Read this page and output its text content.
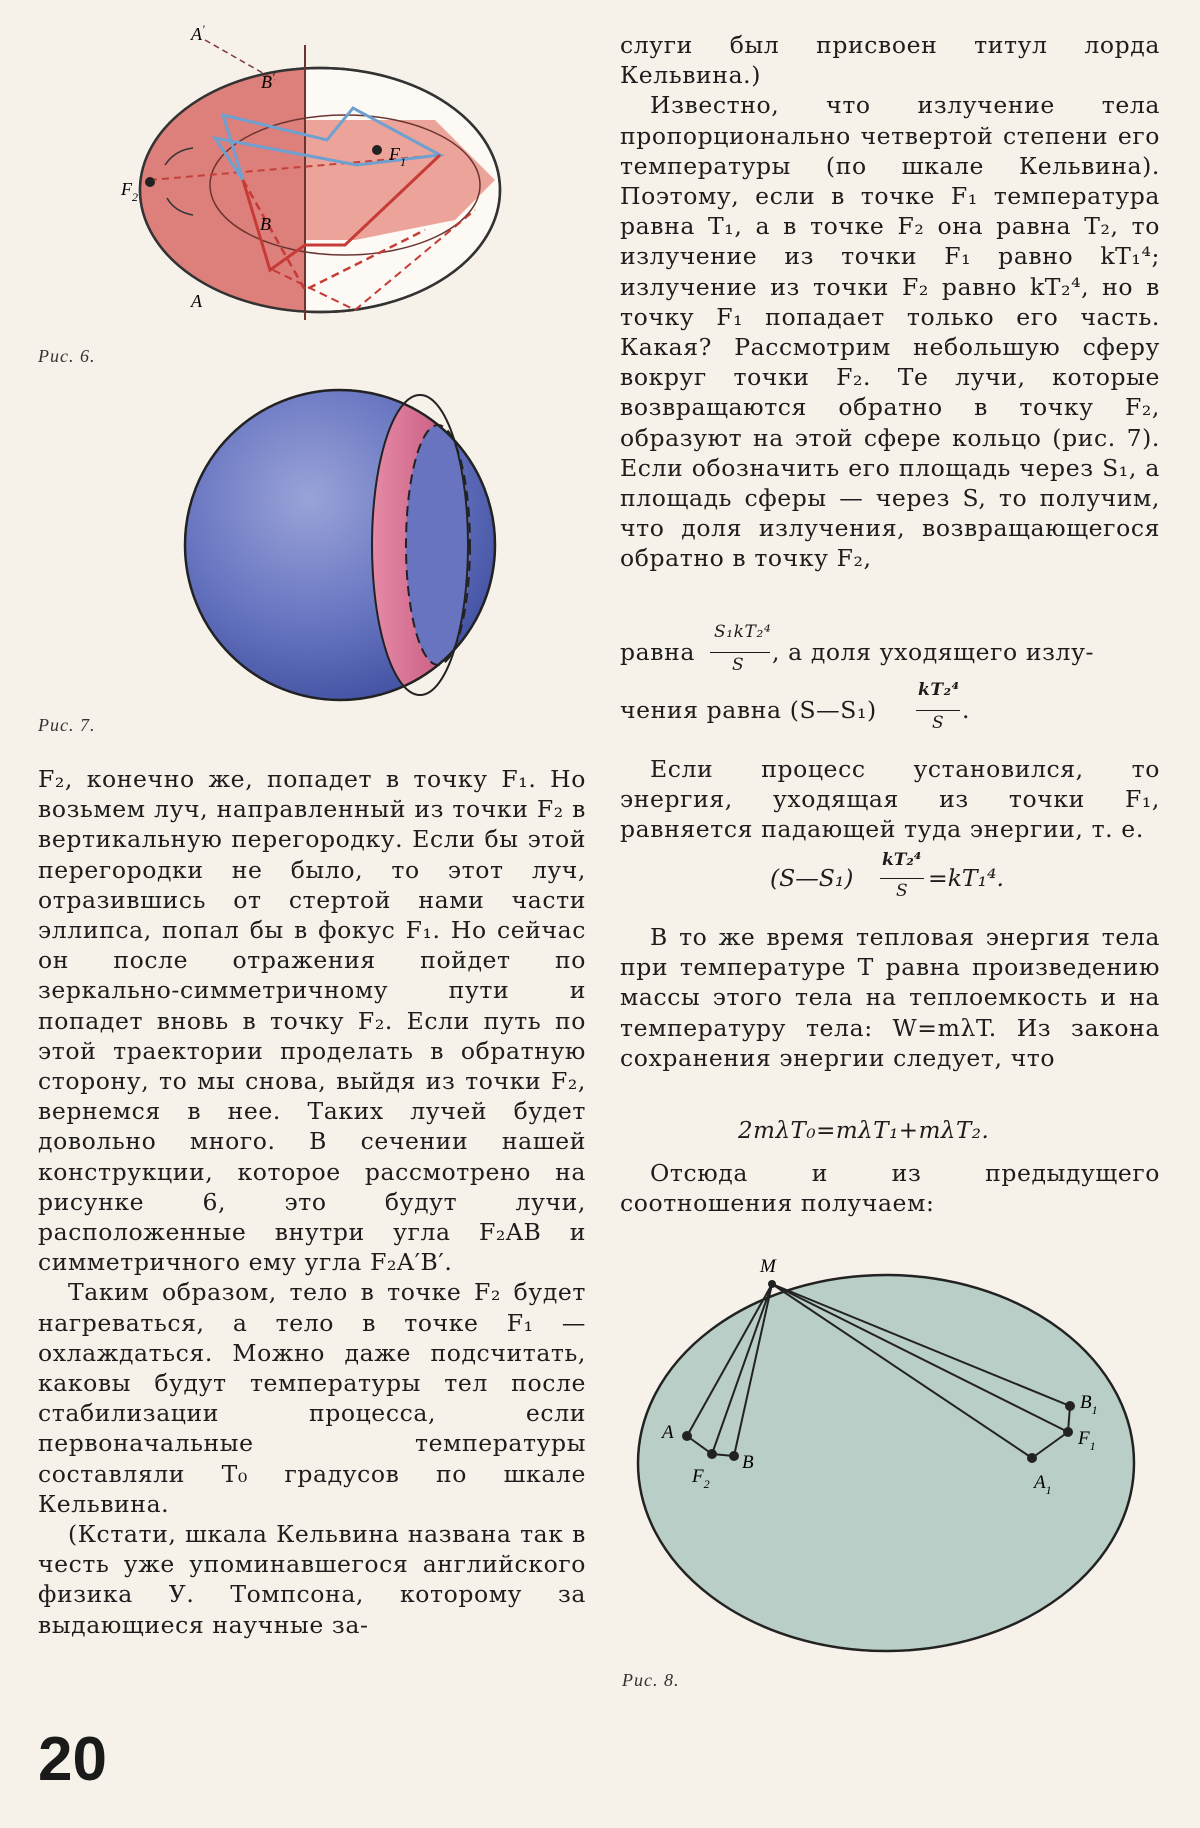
A′
B′
$F_1$
$F_2$
B
A
Рис. 6.
Рис. 7.

F₂, конечно же, попадет в точку F₁. Но возьмем луч, направленный из точки F₂ в вертикальную перегородку. Если бы этой перегородки не было, то этот луч, отразившись от стертой нами части эллипса, попал бы в фокус F₁. Но сейчас он после отражения пойдет по зеркально-симметричному пути и попадет вновь в точку F₂. Если путь по этой траектории проделать в обратную сторону, то мы снова, выйдя из точки F₂, вернемся в нее. Таких лучей будет довольно много. В сечении нашей конструкции, которое рассмотрено на рисунке 6, это будут лучи, расположенные внутри угла F₂AB и симметричного ему угла F₂A′B′.

Таким образом, тело в точке F₂ будет нагреваться, а тело в точке F₁ — охлаждаться. Можно даже подсчитать, каковы будут температуры тел после стабилизации процесса, если первоначальные температуры составляли T₀ градусов по шкале Кельвина.

(Кстати, шкала Кельвина названа так в честь уже упоминавшегося английского физика У. Томпсона, которому за выдающиеся научные за-

слуги был присвоен титул лорда Кельвина.)

Известно, что излучение тела пропорционально четвертой степени его температуры (по шкале Кельвина). Поэтому, если в точке F₁ температура равна T₁, а в точке F₂ она равна T₂, то излучение из точки F₁ равно kT₁⁴; излучение из точки F₂ равно kT₂⁴, но в точку F₁ попадает только его часть. Какая? Рассмотрим небольшую сферу вокруг точки F₂. Те лучи, которые возвращаются обратно в точку F₂, образуют на этой сфере кольцо (рис. 7). Если обозначить его площадь через S₁, а площадь сферы — через S, то получим, что доля излучения, возвращающегося обратно в точку F₂,

равна
S₁kT₂⁴
S , а доля уходящего излу-
чения равна (S—S₁)
kT₂⁴
S .

Если процесс установился, то энергия, уходящая из точки F₁, равняется падающей туда энергии, т. е.

(S—S₁)
kT₂⁴
S =kT₁⁴.

В то же время тепловая энергия тела при температуре T равна произведению массы этого тела на теплоемкость и на температуру тела: W=mλT. Из закона сохранения энергии следует, что

2mλT₀=mλT₁+mλT₂.

Отсюда и из предыдущего соотношения получаем:

M
A
B
$F_2$
$B_1$
$F_1$
$A_1$
Рис. 8.
20
